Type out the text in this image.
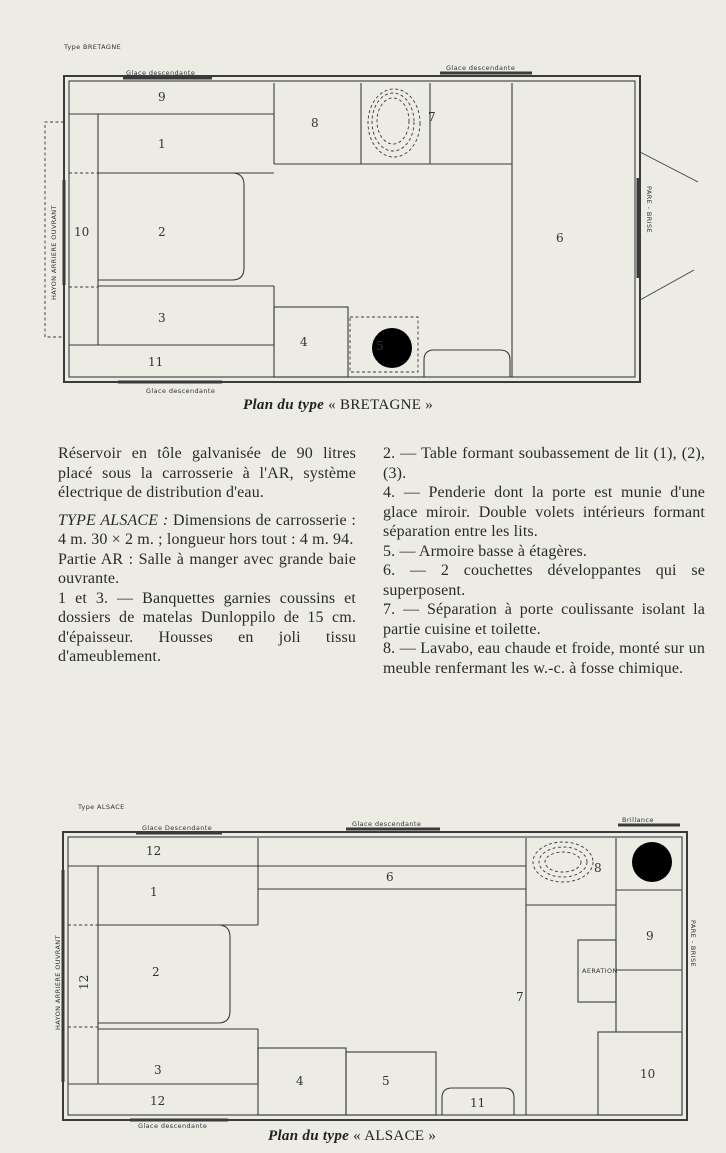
Type BRETAGNE
Glace descendante
Glace descendante
Glace descendante
HAYON ARRIERE OUVRANT	PARE - BRISE
9
1
8	7
10	2	6
3
4	5
11
Type ALSACE
Glace Descendante	Glace descendante	Brillance
Glace descendante
HAYON ARRIERE OUVRANT	PARE - BRISE
AERATION
12
6
8
1
9
2
12
7
3
4	5	10
12	11
Plan du type « BRETAGNE »

Réservoir en tôle galvanisée de 90 litres placé sous la carrosserie à l'AR, système électrique de distribution d'eau.

TYPE ALSACE : Dimensions de carrosserie : 4 m. 30 × 2 m. ; longueur hors tout : 4 m. 94.

Partie AR : Salle à manger avec grande baie ouvrante.

1 et 3. — Banquettes garnies coussins et dossiers de matelas Dunloppilo de 15 cm. d'épaisseur. Housses en joli tissu d'ameublement.

2. — Table formant soubassement de lit (1), (2), (3).

4. — Penderie dont la porte est munie d'une glace miroir. Double volets intérieurs formant séparation entre les lits.

5. — Armoire basse à étagères.

6. — 2 couchettes développantes qui se superposent.

7. — Séparation à porte coulissante isolant la partie cuisine et toilette.

8. — Lavabo, eau chaude et froide, monté sur un meuble renfermant les w.-c. à fosse chimique.

Plan du type « ALSACE »
